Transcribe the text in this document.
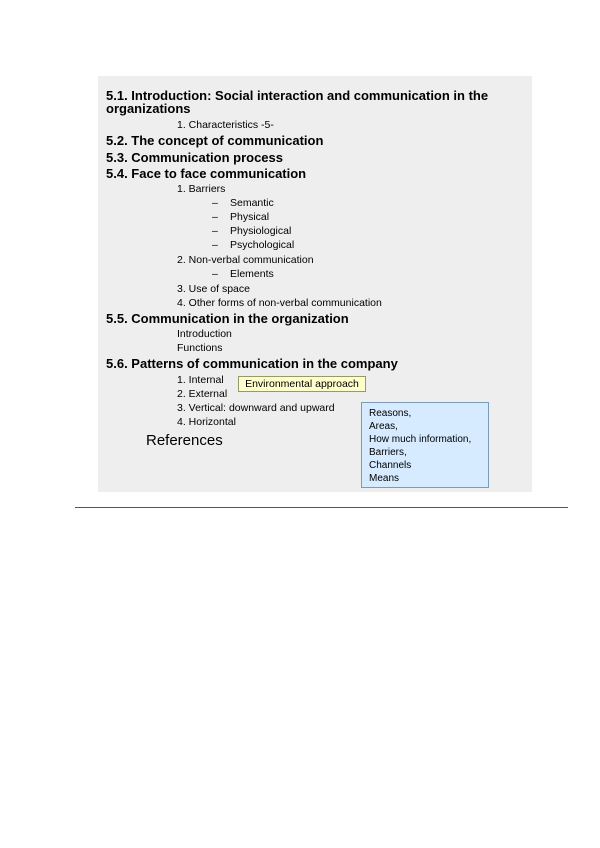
5.1. Introduction: Social interaction and communication in the
organizations
1. Characteristics -5-
5.2. The concept of communication
5.3. Communication process
5.4. Face to face communication
1. Barriers
– Semantic
– Physical
– Physiological
– Psychological
2. Non-verbal communication
– Elements
3. Use of space
4. Other forms of non-verbal communication
5.5. Communication in the organization
Introduction
Functions
5.6. Patterns of communication in the company
1. Internal
2. External
3. Vertical: downward and upward
4. Horizontal
Environmental approach
Reasons,
Areas,
How much information,
Barriers,
Channels
Means
References
